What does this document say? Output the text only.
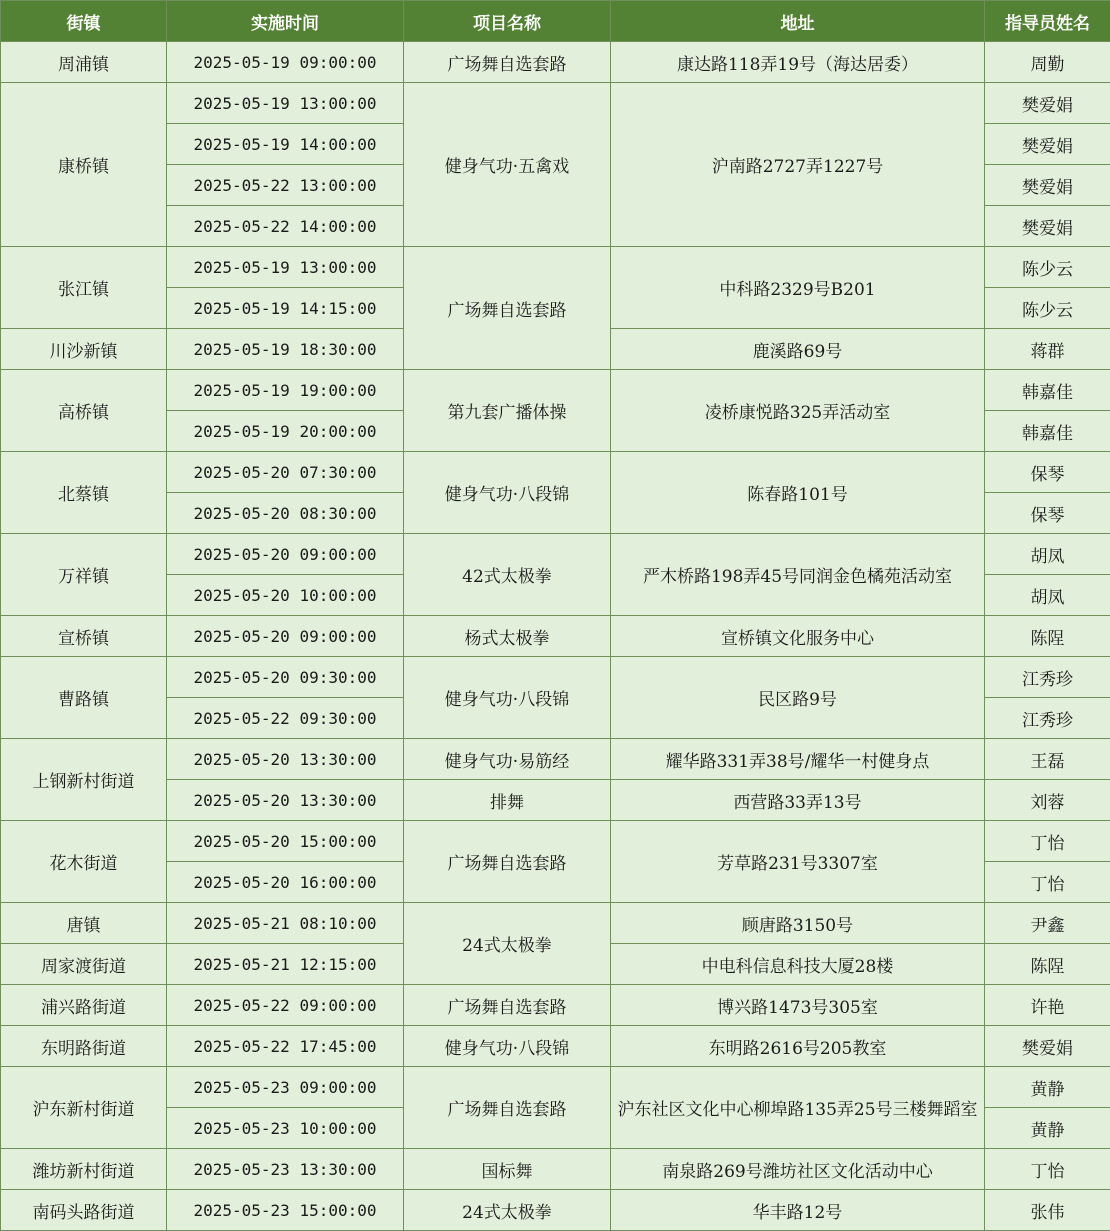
街镇	实施时间	项目名称	地址	指导员姓名
周浦镇	2025-05-19 09:00:00	广场舞自选套路	康达路118弄19号（海达居委）	周勤
康桥镇	2025-05-19 13:00:00	健身气功·五禽戏	沪南路2727弄1227号	樊爱娟
	2025-05-19 14:00:00			樊爱娟
	2025-05-22 13:00:00			樊爱娟
	2025-05-22 14:00:00			樊爱娟
张江镇	2025-05-19 13:00:00	广场舞自选套路	中科路2329号B201	陈少云
	2025-05-19 14:15:00			陈少云
川沙新镇	2025-05-19 18:30:00		鹿溪路69号	蒋群
高桥镇	2025-05-19 19:00:00	第九套广播体操	凌桥康悦路325弄活动室	韩嘉佳
	2025-05-19 20:00:00			韩嘉佳
北蔡镇	2025-05-20 07:30:00	健身气功·八段锦	陈春路101号	保琴
	2025-05-20 08:30:00			保琴
万祥镇	2025-05-20 09:00:00	42式太极拳	严木桥路198弄45号同润金色橘苑活动室	胡凤
	2025-05-20 10:00:00			胡凤
宣桥镇	2025-05-20 09:00:00	杨式太极拳	宣桥镇文化服务中心	陈陧
曹路镇	2025-05-20 09:30:00	健身气功·八段锦	民区路9号	江秀珍
	2025-05-22 09:30:00			江秀珍
上钢新村街道	2025-05-20 13:30:00	健身气功·易筋经	耀华路331弄38号/耀华一村健身点	王磊
	2025-05-20 13:30:00	排舞	西营路33弄13号	刘蓉
花木街道	2025-05-20 15:00:00	广场舞自选套路	芳草路231号3307室	丁怡
	2025-05-20 16:00:00			丁怡
唐镇	2025-05-21 08:10:00	24式太极拳	顾唐路3150号	尹鑫
周家渡街道	2025-05-21 12:15:00		中电科信息科技大厦28楼	陈陧
浦兴路街道	2025-05-22 09:00:00	广场舞自选套路	博兴路1473号305室	许艳
东明路街道	2025-05-22 17:45:00	健身气功·八段锦	东明路2616号205教室	樊爱娟
沪东新村街道	2025-05-23 09:00:00	广场舞自选套路	沪东社区文化中心柳埠路135弄25号三楼舞蹈室	黄静
	2025-05-23 10:00:00			黄静
潍坊新村街道	2025-05-23 13:30:00	国标舞	南泉路269号潍坊社区文化活动中心	丁怡
南码头路街道	2025-05-23 15:00:00	24式太极拳	华丰路12号	张伟
